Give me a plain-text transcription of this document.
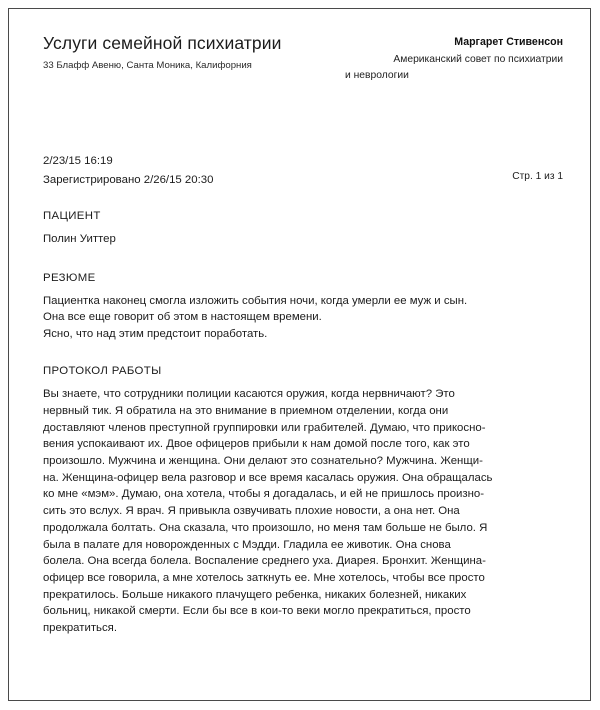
Услуги семейной психиатрии
33 Блафф Авеню, Санта Моника, Калифорния
Маргарет Стивенсон
Американский совет по психиатрии
и неврологии
2/23/15 16:19
Зарегистрировано 2/26/15 20:30	Стр. 1 из 1
ПАЦИЕНТ
Полин Уиттер
РЕЗЮМЕ
Пациентка наконец смогла изложить события ночи, когда умерли ее муж и сын.
Она все еще говорит об этом в настоящем времени.
Ясно, что над этим предстоит поработать.
ПРОТОКОЛ РАБОТЫ
Вы знаете, что сотрудники полиции касаются оружия, когда нервничают? Это
нервный тик. Я обратила на это внимание в приемном отделении, когда они
доставляют членов преступной группировки или грабителей. Думаю, что прикосно-
вения успокаивают их. Двое офицеров прибыли к нам домой после того, как это
произошло. Мужчина и женщина. Они делают это сознательно? Мужчина. Женщи-
на. Женщина-офицер вела разговор и все время касалась оружия. Она обращалась
ко мне «мэм». Думаю, она хотела, чтобы я догадалась, и ей не пришлось произно-
сить это вслух. Я врач. Я привыкла озвучивать плохие новости, а она нет. Она
продолжала болтать. Она сказала, что произошло, но меня там больше не было. Я
была в палате для новорожденных с Мэдди. Гладила ее животик. Она снова
болела. Она всегда болела. Воспаление среднего уха. Диарея. Бронхит. Женщина-
офицер все говорила, а мне хотелось заткнуть ее. Мне хотелось, чтобы все просто
прекратилось. Больше никакого плачущего ребенка, никаких болезней, никаких
больниц, никакой смерти. Если бы все в кои-то веки могло прекратиться, просто
прекратиться.
